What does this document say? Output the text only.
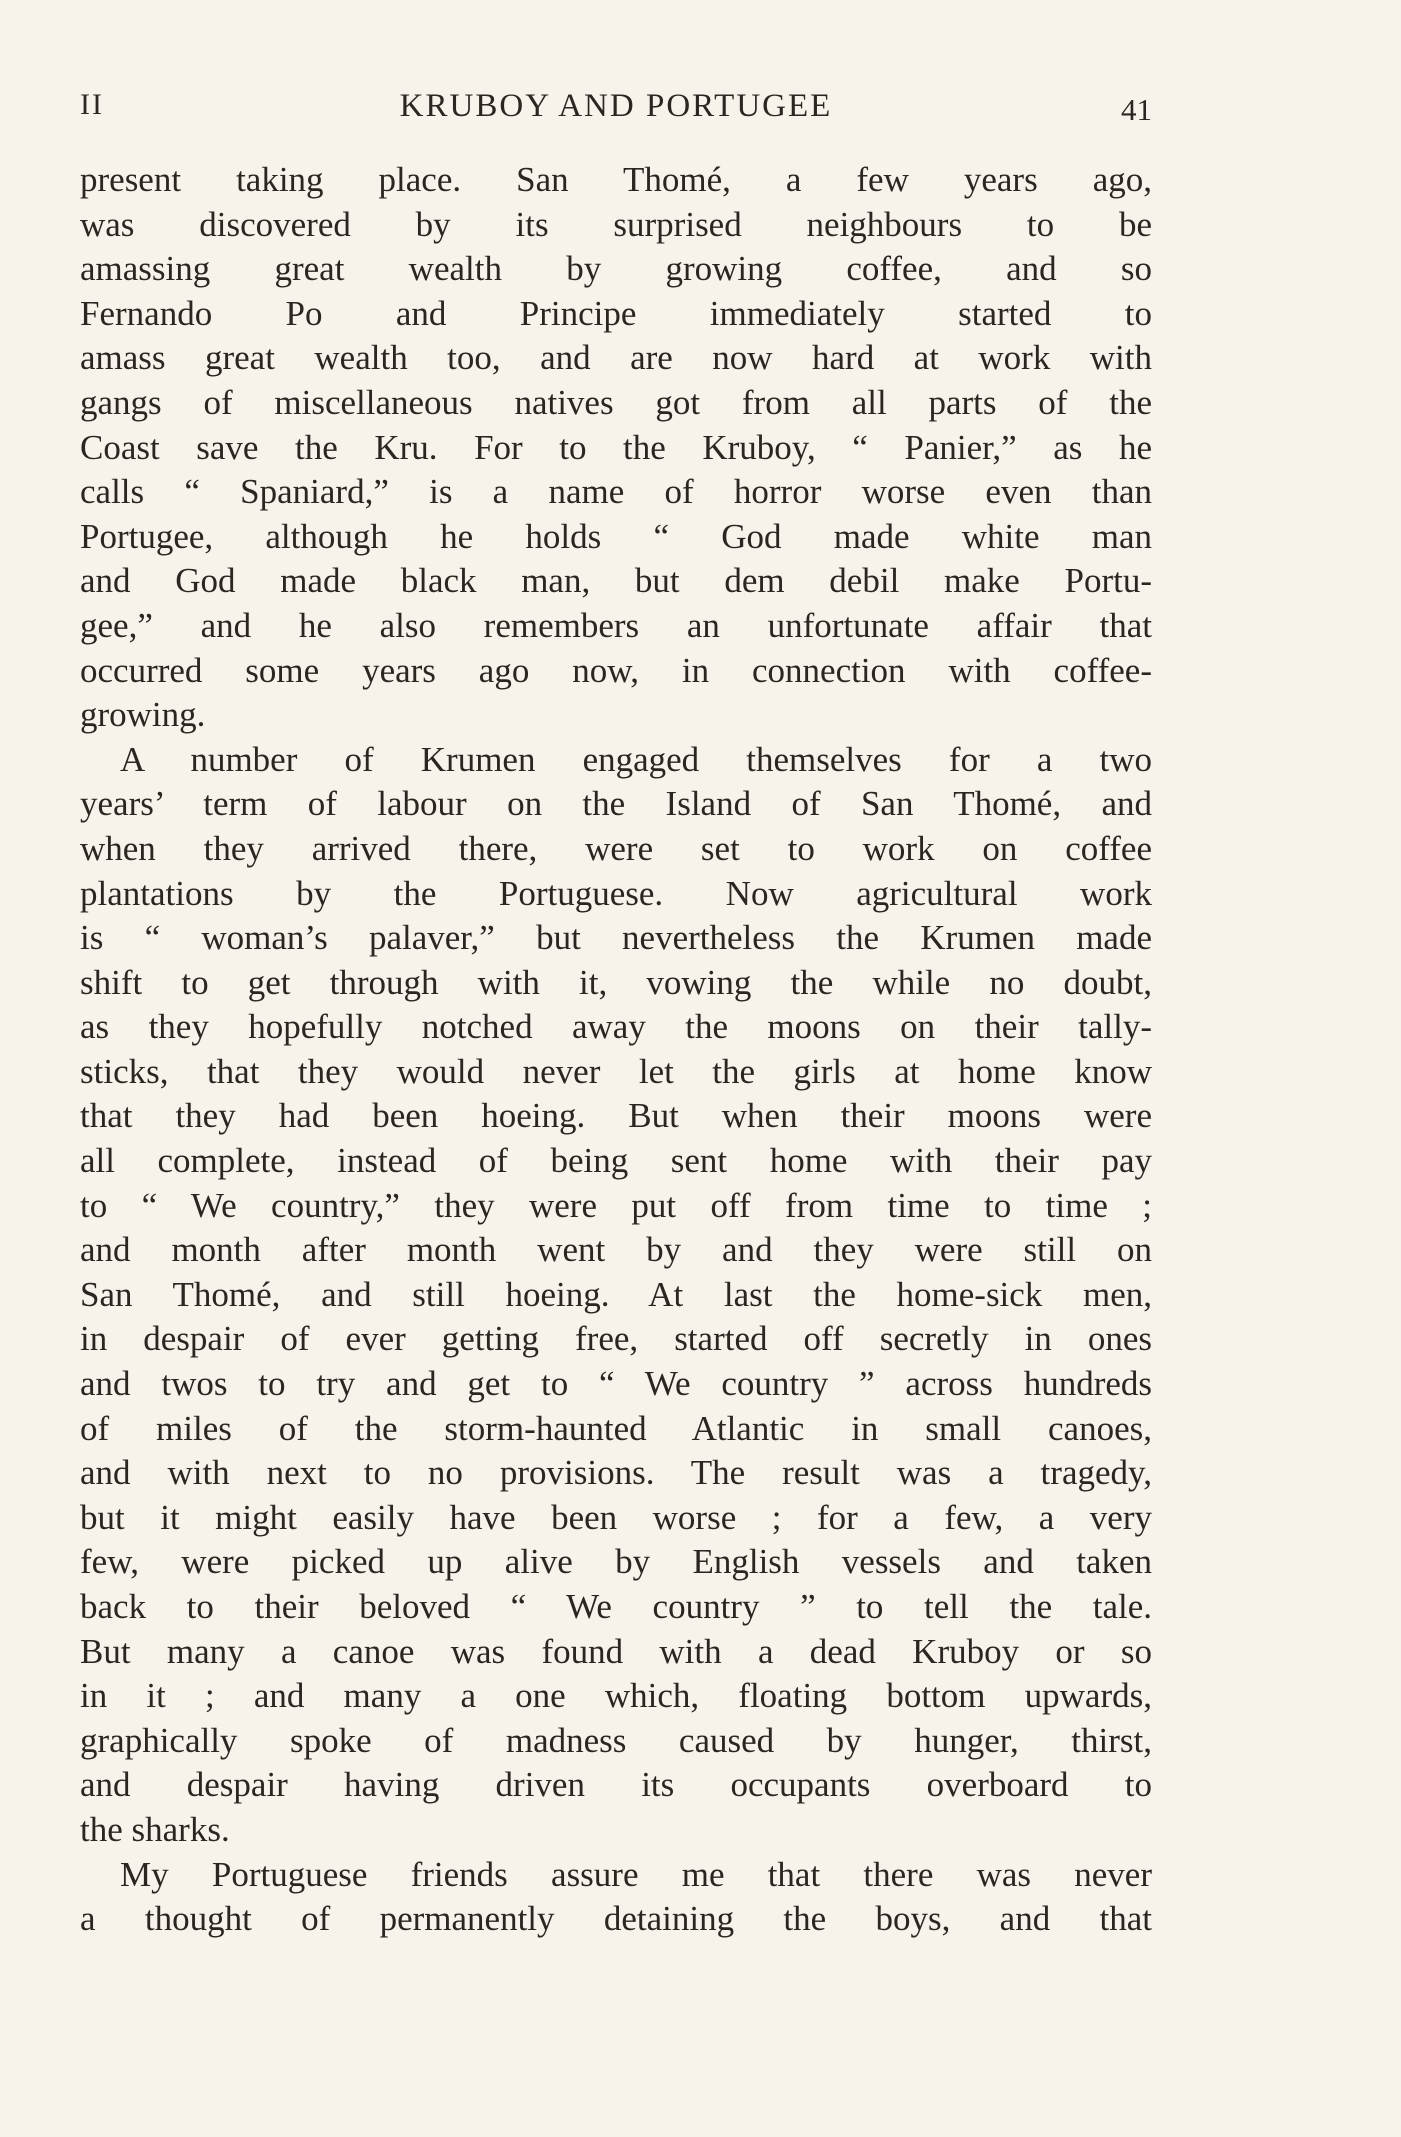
II	KRUBOY AND PORTUGEE	41
present taking place. San Thomé, a few years ago,
was discovered by its surprised neighbours to be
amassing great wealth by growing coffee, and so
Fernando Po and Principe immediately started to
amass great wealth too, and are now hard at work with
gangs of miscellaneous natives got from all parts of the
Coast save the Kru. For to the Kruboy, “ Panier,” as he
calls “ Spaniard,” is a name of horror worse even than
Portugee, although he holds “ God made white man
and God made black man, but dem debil make Portu-
gee,” and he also remembers an unfortunate affair that
occurred some years ago now, in connection with coffee-
growing.
A number of Krumen engaged themselves for a two
years’ term of labour on the Island of San Thomé, and
when they arrived there, were set to work on coffee
plantations by the Portuguese. Now agricultural work
is “ woman’s palaver,” but nevertheless the Krumen made
shift to get through with it, vowing the while no doubt,
as they hopefully notched away the moons on their tally-
sticks, that they would never let the girls at home know
that they had been hoeing. But when their moons were
all complete, instead of being sent home with their pay
to “ We country,” they were put off from time to time ;
and month after month went by and they were still on
San Thomé, and still hoeing. At last the home-sick men,
in despair of ever getting free, started off secretly in ones
and twos to try and get to “ We country ” across hundreds
of miles of the storm-haunted Atlantic in small canoes,
and with next to no provisions. The result was a tragedy,
but it might easily have been worse ; for a few, a very
few, were picked up alive by English vessels and taken
back to their beloved “ We country ” to tell the tale.
But many a canoe was found with a dead Kruboy or so
in it ; and many a one which, floating bottom upwards,
graphically spoke of madness caused by hunger, thirst,
and despair having driven its occupants overboard to
the sharks.
My Portuguese friends assure me that there was never
a thought of permanently detaining the boys, and that
